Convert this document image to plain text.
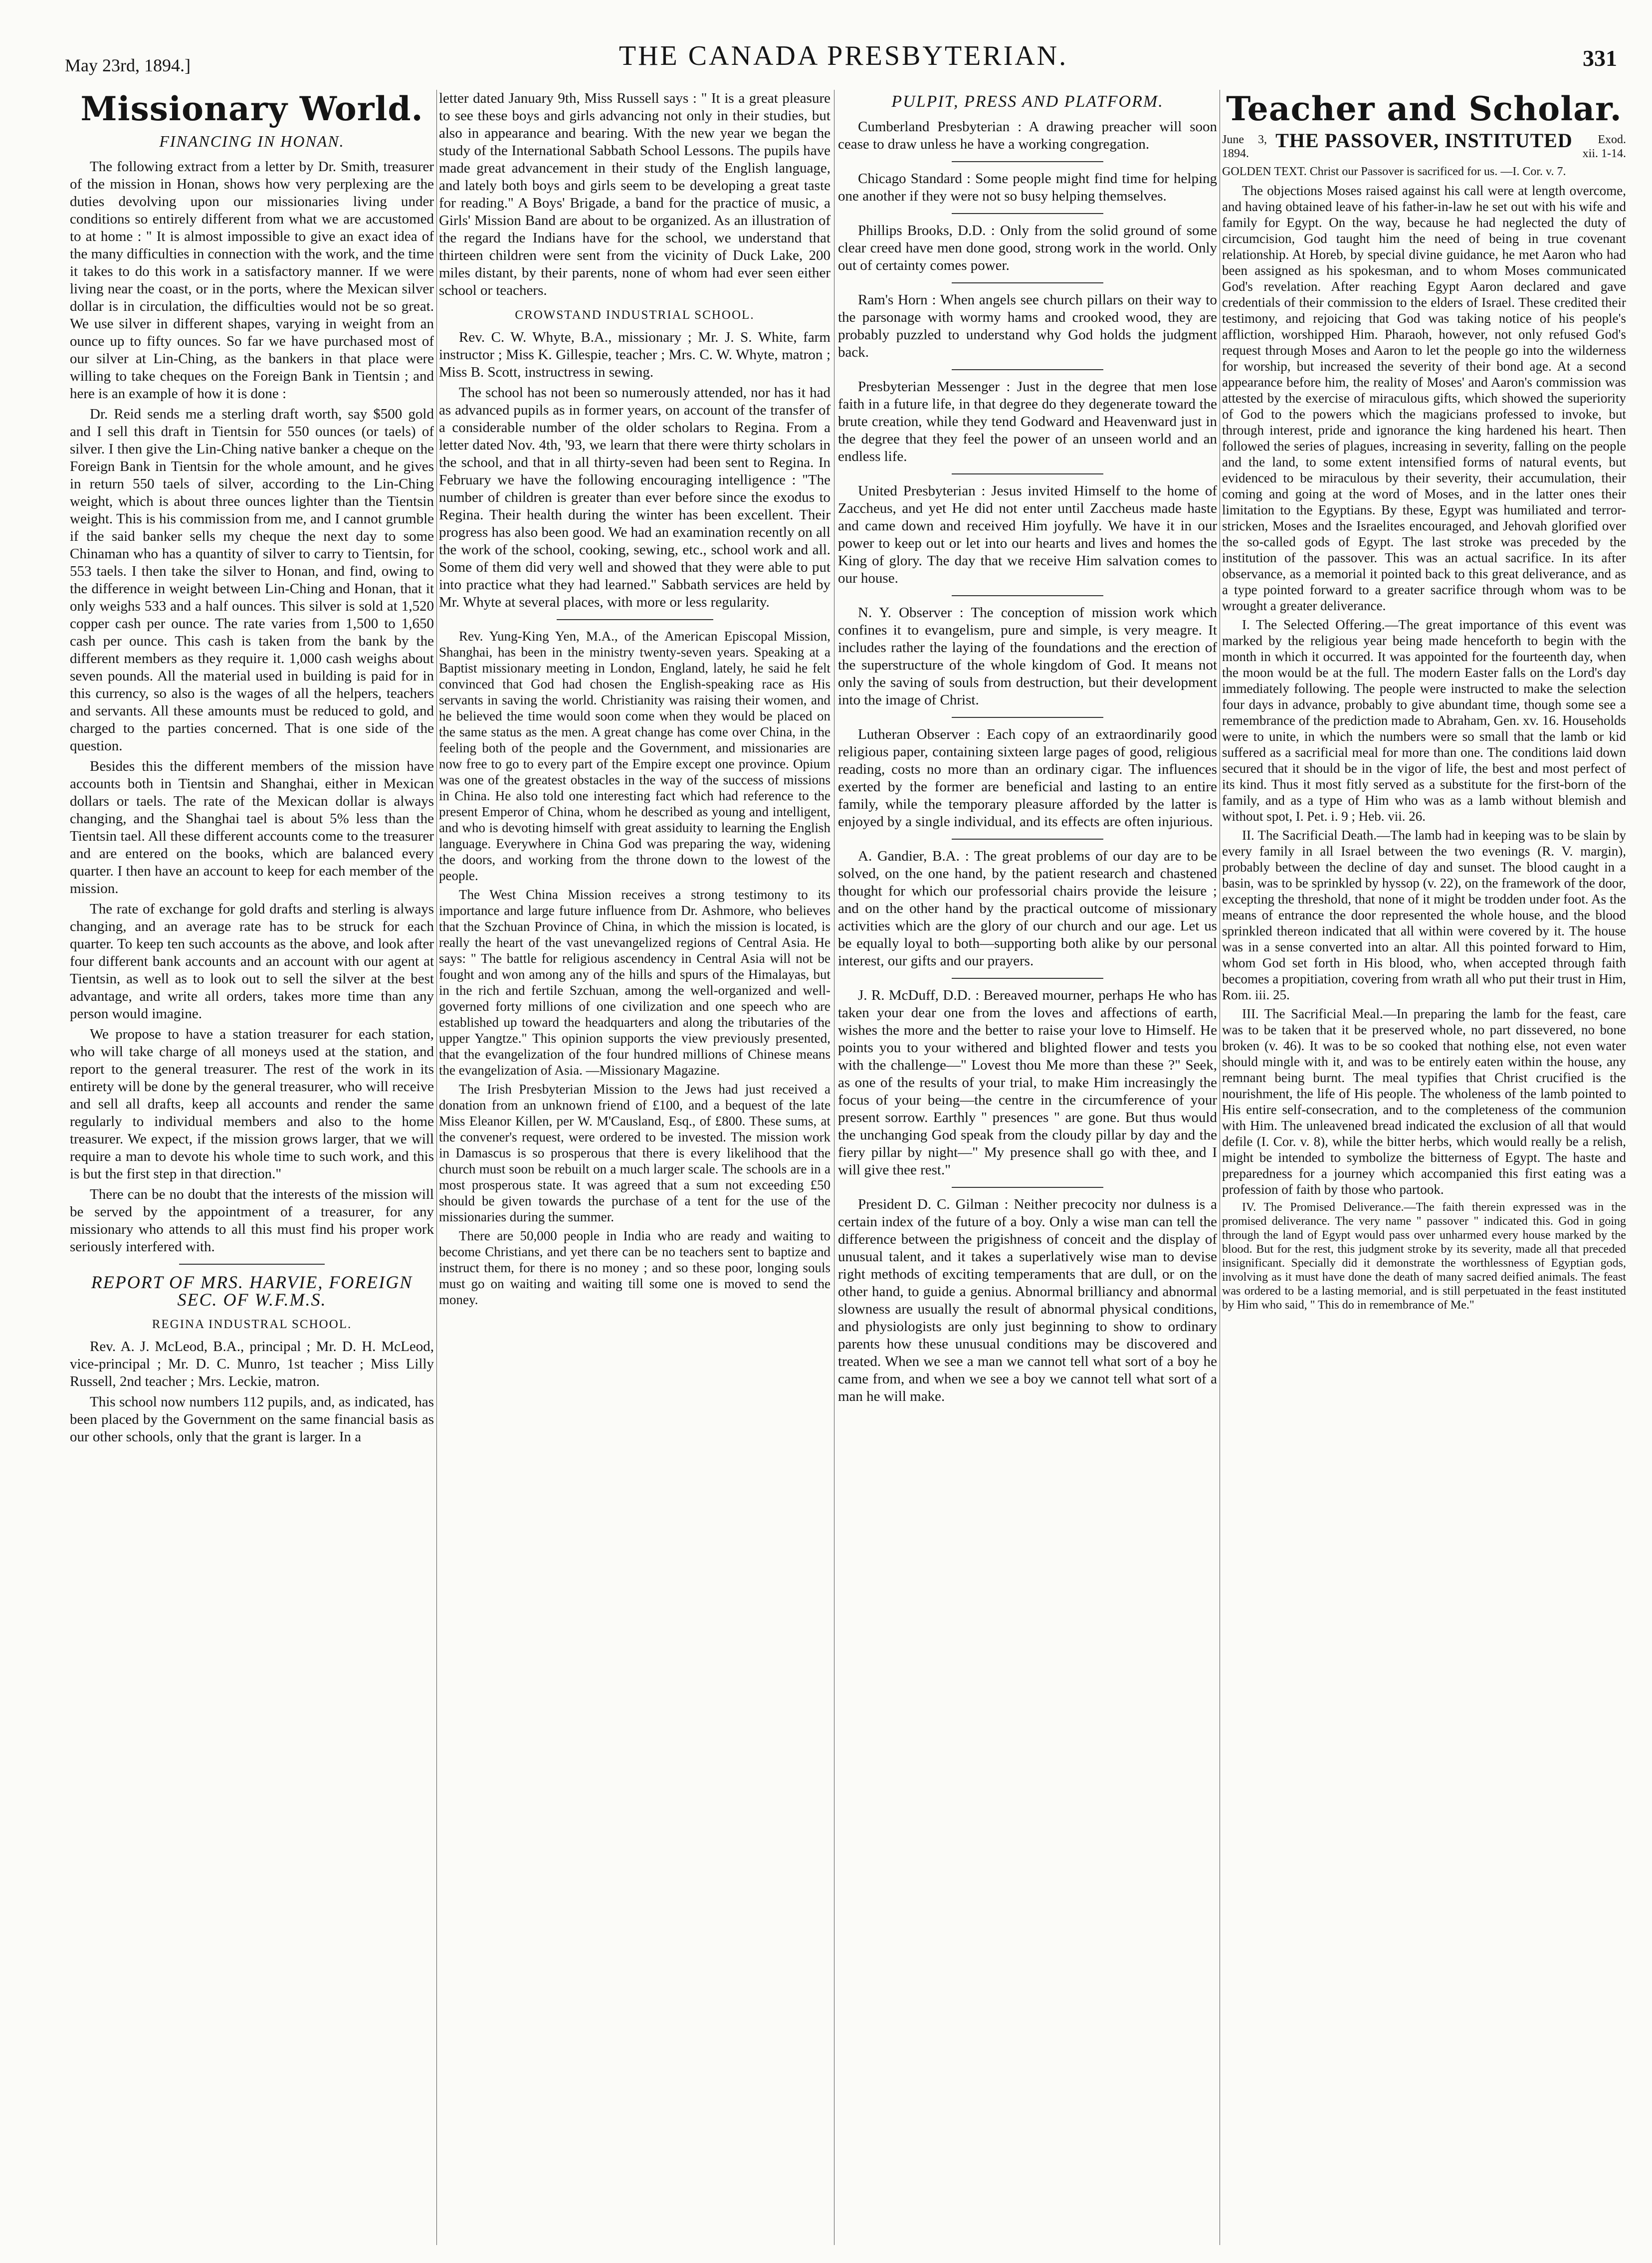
May 23rd, 1894.]	THE CANADA PRESBYTERIAN.	331
Missionary World.
FINANCING IN HONAN.

The following extract from a letter by Dr. Smith, treasurer of the mission in Honan, shows how very perplexing are the duties devolving upon our missionaries living under conditions so entirely different from what we are accustomed to at home : " It is almost impossible to give an exact idea of the many difficulties in connection with the work, and the time it takes to do this work in a satisfactory manner. If we were living near the coast, or in the ports, where the Mexican silver dollar is in circulation, the difficulties would not be so great. We use silver in different shapes, varying in weight from an ounce up to fifty ounces. So far we have purchased most of our silver at Lin-Ching, as the bankers in that place were willing to take cheques on the Foreign Bank in Tientsin ; and here is an example of how it is done :

Dr. Reid sends me a sterling draft worth, say $500 gold and I sell this draft in Tientsin for 550 ounces (or taels) of silver. I then give the Lin-Ching native banker a cheque on the Foreign Bank in Tientsin for the whole amount, and he gives in return 550 taels of silver, according to the Lin-Ching weight, which is about three ounces lighter than the Tientsin weight. This is his commission from me, and I cannot grumble if the said banker sells my cheque the next day to some Chinaman who has a quantity of silver to carry to Tientsin, for 553 taels. I then take the silver to Honan, and find, owing to the difference in weight between Lin-Ching and Honan, that it only weighs 533 and a half ounces. This silver is sold at 1,520 copper cash per ounce. The rate varies from 1,500 to 1,650 cash per ounce. This cash is taken from the bank by the different members as they require it. 1,000 cash weighs about seven pounds. All the material used in building is paid for in this currency, so also is the wages of all the helpers, teachers and servants. All these amounts must be reduced to gold, and charged to the parties concerned. That is one side of the question.

Besides this the different members of the mission have accounts both in Tientsin and Shanghai, either in Mexican dollars or taels. The rate of the Mexican dollar is always changing, and the Shanghai tael is about 5% less than the Tientsin tael. All these different accounts come to the treasurer and are entered on the books, which are balanced every quarter. I then have an account to keep for each member of the mission.

The rate of exchange for gold drafts and sterling is always changing, and an average rate has to be struck for each quarter. To keep ten such accounts as the above, and look after four different bank accounts and an account with our agent at Tientsin, as well as to look out to sell the silver at the best advantage, and write all orders, takes more time than any person would imagine.

We propose to have a station treasurer for each station, who will take charge of all moneys used at the station, and report to the general treasurer. The rest of the work in its entirety will be done by the general treasurer, who will receive and sell all drafts, keep all accounts and render the same regularly to individual members and also to the home treasurer. We expect, if the mission grows larger, that we will require a man to devote his whole time to such work, and this is but the first step in that direction."

There can be no doubt that the interests of the mission will be served by the appointment of a treasurer, for any missionary who attends to all this must find his proper work seriously interfered with.

REPORT OF MRS. HARVIE, FOREIGN SEC. OF W.F.M.S.
REGINA INDUSTRAL SCHOOL.

Rev. A. J. McLeod, B.A., principal ; Mr. D. H. McLeod, vice-principal ; Mr. D. C. Munro, 1st teacher ; Miss Lilly Russell, 2nd teacher ; Mrs. Leckie, matron.

This school now numbers 112 pupils, and, as indicated, has been placed by the Government on the same financial basis as our other schools, only that the grant is larger. In a

letter dated January 9th, Miss Russell says : " It is a great pleasure to see these boys and girls advancing not only in their studies, but also in appearance and bearing. With the new year we began the study of the International Sabbath School Lessons. The pupils have made great advancement in their study of the English language, and lately both boys and girls seem to be developing a great taste for reading." A Boys' Brigade, a band for the practice of music, a Girls' Mission Band are about to be organized. As an illustration of the regard the Indians have for the school, we understand that thirteen children were sent from the vicinity of Duck Lake, 200 miles distant, by their parents, none of whom had ever seen either school or teachers.

CROWSTAND INDUSTRIAL SCHOOL.

Rev. C. W. Whyte, B.A., missionary ; Mr. J. S. White, farm instructor ; Miss K. Gillespie, teacher ; Mrs. C. W. Whyte, matron ; Miss B. Scott, instructress in sewing.

The school has not been so numerously attended, nor has it had as advanced pupils as in former years, on account of the transfer of a considerable number of the older scholars to Regina. From a letter dated Nov. 4th, '93, we learn that there were thirty scholars in the school, and that in all thirty-seven had been sent to Regina. In February we have the following encouraging intelligence : "The number of children is greater than ever before since the exodus to Regina. Their health during the winter has been excellent. Their progress has also been good. We had an examination recently on all the work of the school, cooking, sewing, etc., school work and all. Some of them did very well and showed that they were able to put into practice what they had learned." Sabbath services are held by Mr. Whyte at several places, with more or less regularity.

Rev. Yung-King Yen, M.A., of the American Episcopal Mission, Shanghai, has been in the ministry twenty-seven years. Speaking at a Baptist missionary meeting in London, England, lately, he said he felt convinced that God had chosen the English-speaking race as His servants in saving the world. Christianity was raising their women, and he believed the time would soon come when they would be placed on the same status as the men. A great change has come over China, in the feeling both of the people and the Government, and missionaries are now free to go to every part of the Empire except one province. Opium was one of the greatest obstacles in the way of the success of missions in China. He also told one interesting fact which had reference to the present Emperor of China, whom he described as young and intelligent, and who is devoting himself with great assiduity to learning the English language. Everywhere in China God was preparing the way, widening the doors, and working from the throne down to the lowest of the people.

The West China Mission receives a strong testimony to its importance and large future influence from Dr. Ashmore, who believes that the Szchuan Province of China, in which the mission is located, is really the heart of the vast unevangelized regions of Central Asia. He says: " The battle for religious ascendency in Central Asia will not be fought and won among any of the hills and spurs of the Himalayas, but in the rich and fertile Szchuan, among the well-organized and well-governed forty millions of one civilization and one speech who are established up toward the headquarters and along the tributaries of the upper Yangtze." This opinion supports the view previously presented, that the evangelization of the four hundred millions of Chinese means the evangelization of Asia. —Missionary Magazine.

The Irish Presbyterian Mission to the Jews had just received a donation from an unknown friend of £100, and a bequest of the late Miss Eleanor Killen, per W. M'Causland, Esq., of £800. These sums, at the convener's request, were ordered to be invested. The mission work in Damascus is so prosperous that there is every likelihood that the church must soon be rebuilt on a much larger scale. The schools are in a most prosperous state. It was agreed that a sum not exceeding £50 should be given towards the purchase of a tent for the use of the missionaries during the summer.

There are 50,000 people in India who are ready and waiting to become Christians, and yet there can be no teachers sent to baptize and instruct them, for there is no money ; and so these poor, longing souls must go on waiting and waiting till some one is moved to send the money.

PULPIT, PRESS AND PLATFORM.

Cumberland Presbyterian : A drawing preacher will soon cease to draw unless he have a working congregation.

Chicago Standard : Some people might find time for helping one another if they were not so busy helping themselves.

Phillips Brooks, D.D. : Only from the solid ground of some clear creed have men done good, strong work in the world. Only out of certainty comes power.

Ram's Horn : When angels see church pillars on their way to the parsonage with wormy hams and crooked wood, they are probably puzzled to understand why God holds the judgment back.

Presbyterian Messenger : Just in the degree that men lose faith in a future life, in that degree do they degenerate toward the brute creation, while they tend Godward and Heavenward just in the degree that they feel the power of an unseen world and an endless life.

United Presbyterian : Jesus invited Himself to the home of Zaccheus, and yet He did not enter until Zaccheus made haste and came down and received Him joyfully. We have it in our power to keep out or let into our hearts and lives and homes the King of glory. The day that we receive Him salvation comes to our house.

N. Y. Observer : The conception of mission work which confines it to evangelism, pure and simple, is very meagre. It includes rather the laying of the foundations and the erection of the superstructure of the whole kingdom of God. It means not only the saving of souls from destruction, but their development into the image of Christ.

Lutheran Observer : Each copy of an extraordinarily good religious paper, containing sixteen large pages of good, religious reading, costs no more than an ordinary cigar. The influences exerted by the former are beneficial and lasting to an entire family, while the temporary pleasure afforded by the latter is enjoyed by a single individual, and its effects are often injurious.

A. Gandier, B.A. : The great problems of our day are to be solved, on the one hand, by the patient research and chastened thought for which our professorial chairs provide the leisure ; and on the other hand by the practical outcome of missionary activities which are the glory of our church and our age. Let us be equally loyal to both—supporting both alike by our personal interest, our gifts and our prayers.

J. R. McDuff, D.D. : Bereaved mourner, perhaps He who has taken your dear one from the loves and affections of earth, wishes the more and the better to raise your love to Himself. He points you to your withered and blighted flower and tests you with the challenge—" Lovest thou Me more than these ?" Seek, as one of the results of your trial, to make Him increasingly the focus of your being—the centre in the circumference of your present sorrow. Earthly " presences " are gone. But thus would the unchanging God speak from the cloudy pillar by day and the fiery pillar by night—" My presence shall go with thee, and I will give thee rest."

President D. C. Gilman : Neither precocity nor dulness is a certain index of the future of a boy. Only a wise man can tell the difference between the prigishness of conceit and the display of unusual talent, and it takes a superlatively wise man to devise right methods of exciting temperaments that are dull, or on the other hand, to guide a genius. Abnormal brilliancy and abnormal slowness are usually the result of abnormal physical conditions, and physiologists are only just beginning to show to ordinary parents how these unusual conditions may be discovered and treated. When we see a man we cannot tell what sort of a boy he came from, and when we see a boy we cannot tell what sort of a man he will make.

Teacher and Scholar.
June 3, 1894.
THE PASSOVER, INSTITUTED	Exod. xii. 1-14.
GOLDEN TEXT. Christ our Passover is sacrificed for us. —I. Cor. v. 7.

The objections Moses raised against his call were at length overcome, and having obtained leave of his father-in-law he set out with his wife and family for Egypt. On the way, because he had neglected the duty of circumcision, God taught him the need of being in true covenant relationship. At Horeb, by special divine guidance, he met Aaron who had been assigned as his spokesman, and to whom Moses communicated God's revelation. After reaching Egypt Aaron declared and gave credentials of their commission to the elders of Israel. These credited their testimony, and rejoicing that God was taking notice of his people's affliction, worshipped Him. Pharaoh, however, not only refused God's request through Moses and Aaron to let the people go into the wilderness for worship, but increased the severity of their bond age. At a second appearance before him, the reality of Moses' and Aaron's commission was attested by the exercise of miraculous gifts, which showed the superiority of God to the powers which the magicians professed to invoke, but through interest, pride and ignorance the king hardened his heart. Then followed the series of plagues, increasing in severity, falling on the people and the land, to some extent intensified forms of natural events, but evidenced to be miraculous by their severity, their accumulation, their coming and going at the word of Moses, and in the latter ones their limitation to the Egyptians. By these, Egypt was humiliated and terror-stricken, Moses and the Israelites encouraged, and Jehovah glorified over the so-called gods of Egypt. The last stroke was preceded by the institution of the passover. This was an actual sacrifice. In its after observance, as a memorial it pointed back to this great deliverance, and as a type pointed forward to a greater sacrifice through whom was to be wrought a greater deliverance.

I. The Selected Offering.—The great importance of this event was marked by the religious year being made henceforth to begin with the month in which it occurred. It was appointed for the fourteenth day, when the moon would be at the full. The modern Easter falls on the Lord's day immediately following. The people were instructed to make the selection four days in advance, probably to give abundant time, though some see a remembrance of the prediction made to Abraham, Gen. xv. 16. Households were to unite, in which the numbers were so small that the lamb or kid suffered as a sacrificial meal for more than one. The conditions laid down secured that it should be in the vigor of life, the best and most perfect of its kind. Thus it most fitly served as a substitute for the first-born of the family, and as a type of Him who was as a lamb without blemish and without spot, I. Pet. i. 9 ; Heb. vii. 26.

II. The Sacrificial Death.—The lamb had in keeping was to be slain by every family in all Israel between the two evenings (R. V. margin), probably between the decline of day and sunset. The blood caught in a basin, was to be sprinkled by hyssop (v. 22), on the framework of the door, excepting the threshold, that none of it might be trodden under foot. As the means of entrance the door represented the whole house, and the blood sprinkled thereon indicated that all within were covered by it. The house was in a sense converted into an altar. All this pointed forward to Him, whom God set forth in His blood, who, when accepted through faith becomes a propitiation, covering from wrath all who put their trust in Him, Rom. iii. 25.

III. The Sacrificial Meal.—In preparing the lamb for the feast, care was to be taken that it be preserved whole, no part dissevered, no bone broken (v. 46). It was to be so cooked that nothing else, not even water should mingle with it, and was to be entirely eaten within the house, any remnant being burnt. The meal typifies that Christ crucified is the nourishment, the life of His people. The wholeness of the lamb pointed to His entire self-consecration, and to the completeness of the communion with Him. The unleavened bread indicated the exclusion of all that would defile (I. Cor. v. 8), while the bitter herbs, which would really be a relish, might be intended to symbolize the bitterness of Egypt. The haste and preparedness for a journey which accompanied this first eating was a profession of faith by those who partook.

IV. The Promised Deliverance.—The faith therein expressed was in the promised deliverance. The very name " passover " indicated this. God in going through the land of Egypt would pass over unharmed every house marked by the blood. But for the rest, this judgment stroke by its severity, made all that preceded insignificant. Specially did it demonstrate the worthlessness of Egyptian gods, involving as it must have done the death of many sacred deified animals. The feast was ordered to be a lasting memorial, and is still perpetuated in the feast instituted by Him who said, " This do in remembrance of Me."
